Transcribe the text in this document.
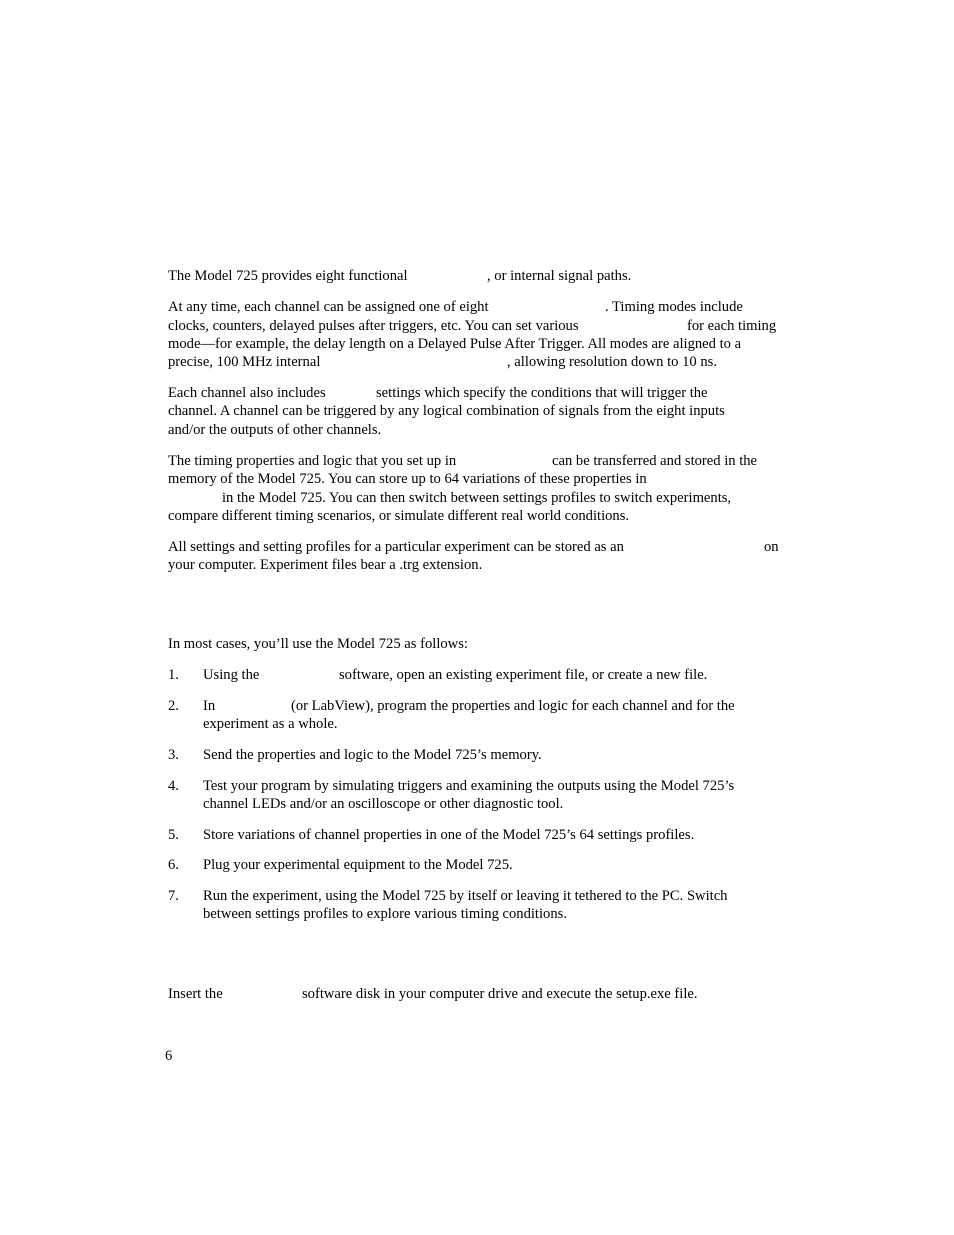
The Model 725 provides eight functional	, or internal signal paths.
At any time, each channel can be assigned one of eight	. Timing modes include
clocks, counters, delayed pulses after triggers, etc. You can set various	for each timing
mode—for example, the delay length on a Delayed Pulse After Trigger. All modes are aligned to a
precise, 100 MHz internal	, allowing resolution down to 10 ns.
Each channel also includes	settings which specify the conditions that will trigger the
channel. A channel can be triggered by any logical combination of signals from the eight inputs
and/or the outputs of other channels.
The timing properties and logic that you set up in	can be transferred and stored in the
memory of the Model 725. You can store up to 64 variations of these properties in
in the Model 725. You can then switch between settings profiles to switch experiments,
compare different timing scenarios, or simulate different real world conditions.
All settings and setting profiles for a particular experiment can be stored as an	on
your computer. Experiment files bear a .trg extension.
In most cases, you’ll use the Model 725 as follows:
1. Using the	software, open an existing experiment file, or create a new file.
2. In	(or LabView), program the properties and logic for each channel and for the
experiment as a whole.
3. Send the properties and logic to the Model 725’s memory.
4. Test your program by simulating triggers and examining the outputs using the Model 725’s
channel LEDs and/or an oscilloscope or other diagnostic tool.
5. Store variations of channel properties in one of the Model 725’s 64 settings profiles.
6. Plug your experimental equipment to the Model 725.
7. Run the experiment, using the Model 725 by itself or leaving it tethered to the PC. Switch
between settings profiles to explore various timing conditions.
Insert the	software disk in your computer drive and execute the setup.exe file.
6
